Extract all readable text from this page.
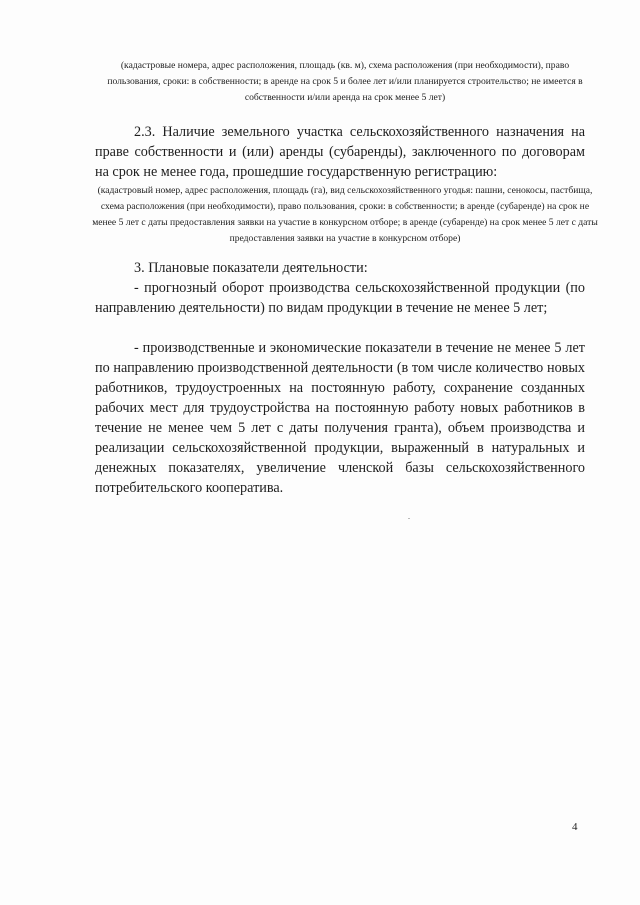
(кадастровые номера, адрес расположения, площадь (кв. м), схема расположения (при необходимости), право пользования, сроки: в собственности; в аренде на срок 5 и более лет и/или планируется строительство; не имеется в собственности и/или аренда на срок менее 5 лет)
2.3. Наличие земельного участка сельскохозяйственного назначения на праве собственности и (или) аренды (субаренды), заключенного по договорам на срок не менее года, прошедшие государственную регистрацию:
(кадастровый номер, адрес расположения, площадь (га), вид сельскохозяйственного угодья: пашни, сенокосы, пастбища, схема расположения (при необходимости), право пользования, сроки: в собственности; в аренде (субаренде) на срок не менее 5 лет с даты предоставления заявки на участие в конкурсном отборе; в аренде (субаренде) на срок менее 5 лет с даты предоставления заявки на участие в конкурсном отборе)
3. Плановые показатели деятельности:
- прогнозный оборот производства сельскохозяйственной продукции (по направлению деятельности) по видам продукции в течение не менее 5 лет;
- производственные и экономические показатели в течение не менее 5 лет по направлению производственной деятельности (в том числе количество новых работников, трудоустроенных на постоянную работу, сохранение созданных рабочих мест для трудоустройства на постоянную работу новых работников в течение не менее чем 5 лет с даты получения гранта), объем производства и реализации сельскохозяйственной продукции, выраженный в натуральных и денежных показателях, увеличение членской базы сельскохозяйственного потребительского кооператива.
4
